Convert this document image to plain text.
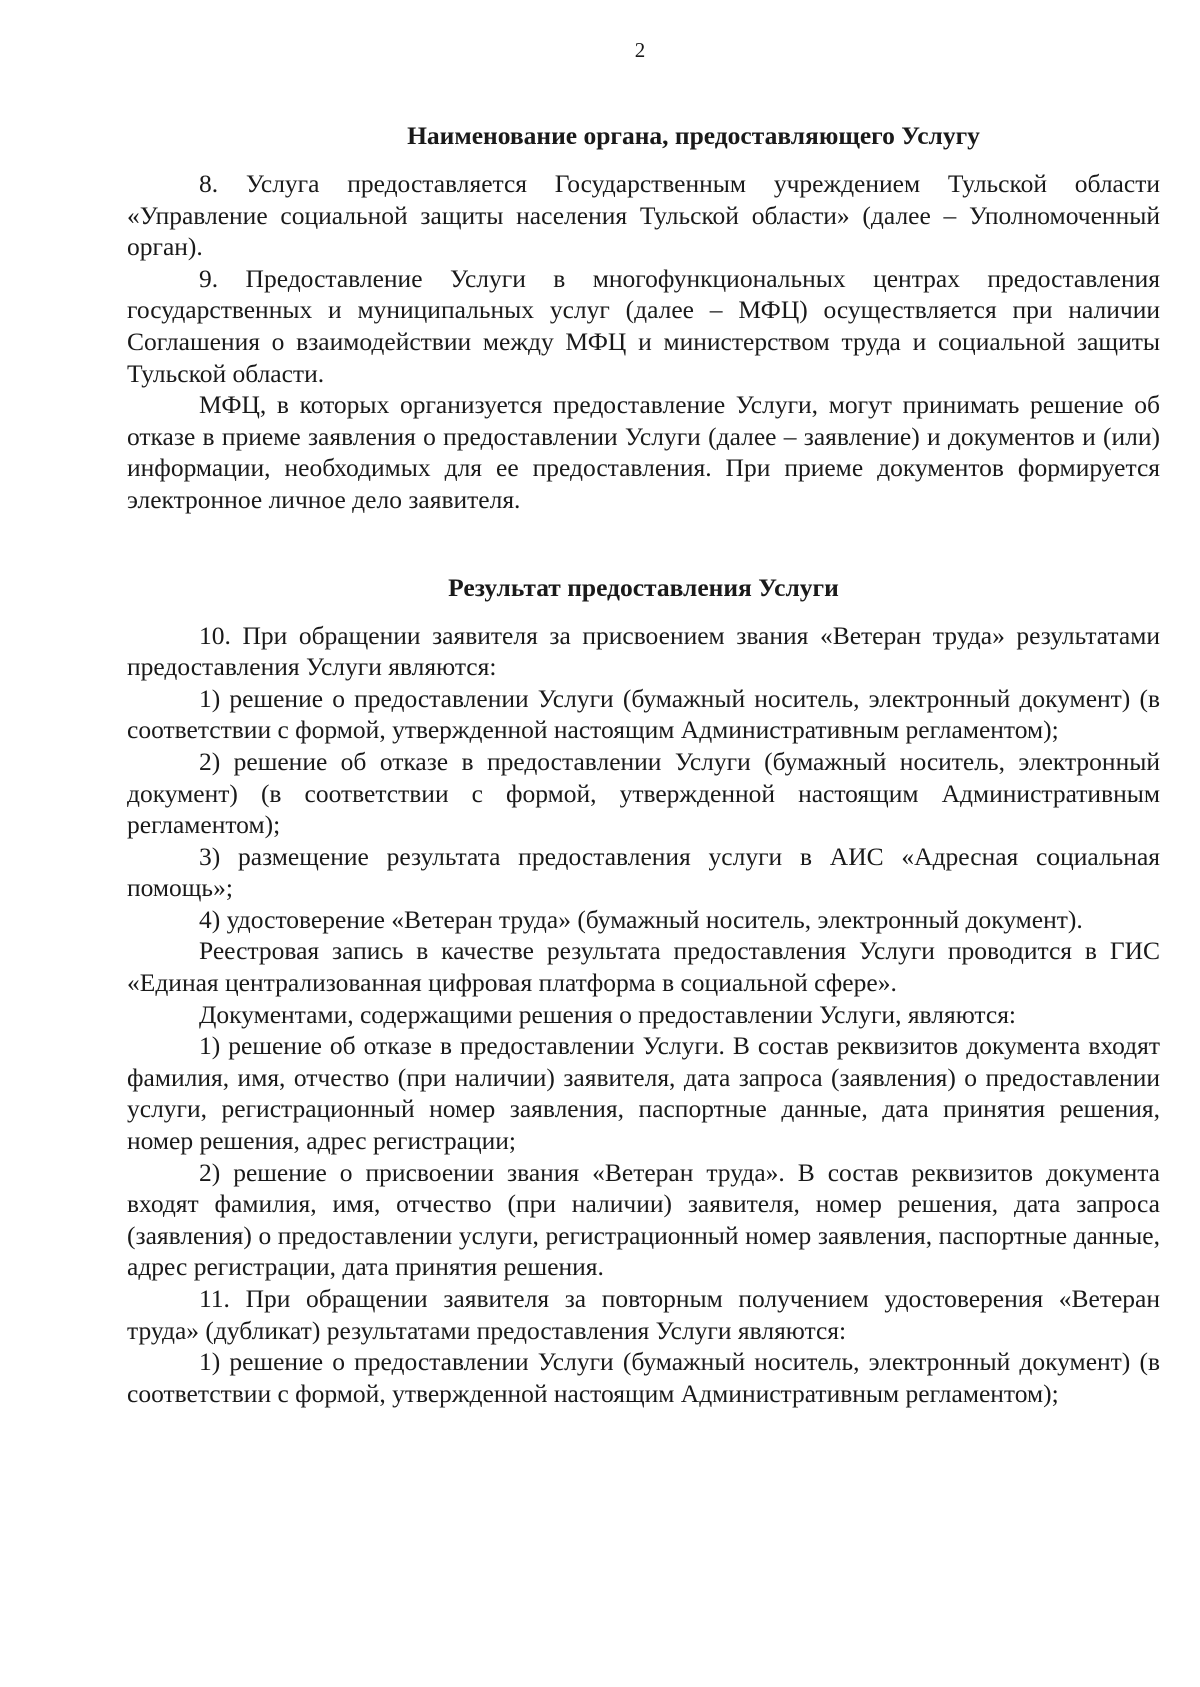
2
Наименование органа, предоставляющего Услугу

8. Услуга предоставляется Государственным учреждением Тульской области «Управление социальной защиты населения Тульской области» (далее – Уполномоченный орган).

9. Предоставление Услуги в многофункциональных центрах предоставления государственных и муниципальных услуг (далее – МФЦ) осуществляется при наличии Соглашения о взаимодействии между МФЦ и министерством труда и социальной защиты Тульской области.

МФЦ, в которых организуется предоставление Услуги, могут принимать решение об отказе в приеме заявления о предоставлении Услуги (далее – заявление) и документов и (или) информации, необходимых для ее предоставления. При приеме документов формируется электронное личное дело заявителя.

Результат предоставления Услуги

10. При обращении заявителя за присвоением звания «Ветеран труда» результатами предоставления Услуги являются:

1) решение о предоставлении Услуги (бумажный носитель, электронный документ) (в соответствии с формой, утвержденной настоящим Административным регламентом);

2) решение об отказе в предоставлении Услуги (бумажный носитель, электронный документ) (в соответствии с формой, утвержденной настоящим Административным регламентом);

3) размещение результата предоставления услуги в АИС «Адресная социальная помощь»;

4) удостоверение «Ветеран труда» (бумажный носитель, электронный документ).

Реестровая запись в качестве результата предоставления Услуги проводится в ГИС «Единая централизованная цифровая платформа в социальной сфере».

Документами, содержащими решения о предоставлении Услуги, являются:

1) решение об отказе в предоставлении Услуги. В состав реквизитов документа входят фамилия, имя, отчество (при наличии) заявителя, дата запроса (заявления) о предоставлении услуги, регистрационный номер заявления, паспортные данные, дата принятия решения, номер решения, адрес регистрации;

2) решение о присвоении звания «Ветеран труда». В состав реквизитов документа входят фамилия, имя, отчество (при наличии) заявителя, номер решения, дата запроса (заявления) о предоставлении услуги, регистрационный номер заявления, паспортные данные, адрес регистрации, дата принятия решения.

11. При обращении заявителя за повторным получением удостоверения «Ветеран труда» (дубликат) результатами предоставления Услуги являются:

1) решение о предоставлении Услуги (бумажный носитель, электронный документ) (в соответствии с формой, утвержденной настоящим Административным регламентом);
